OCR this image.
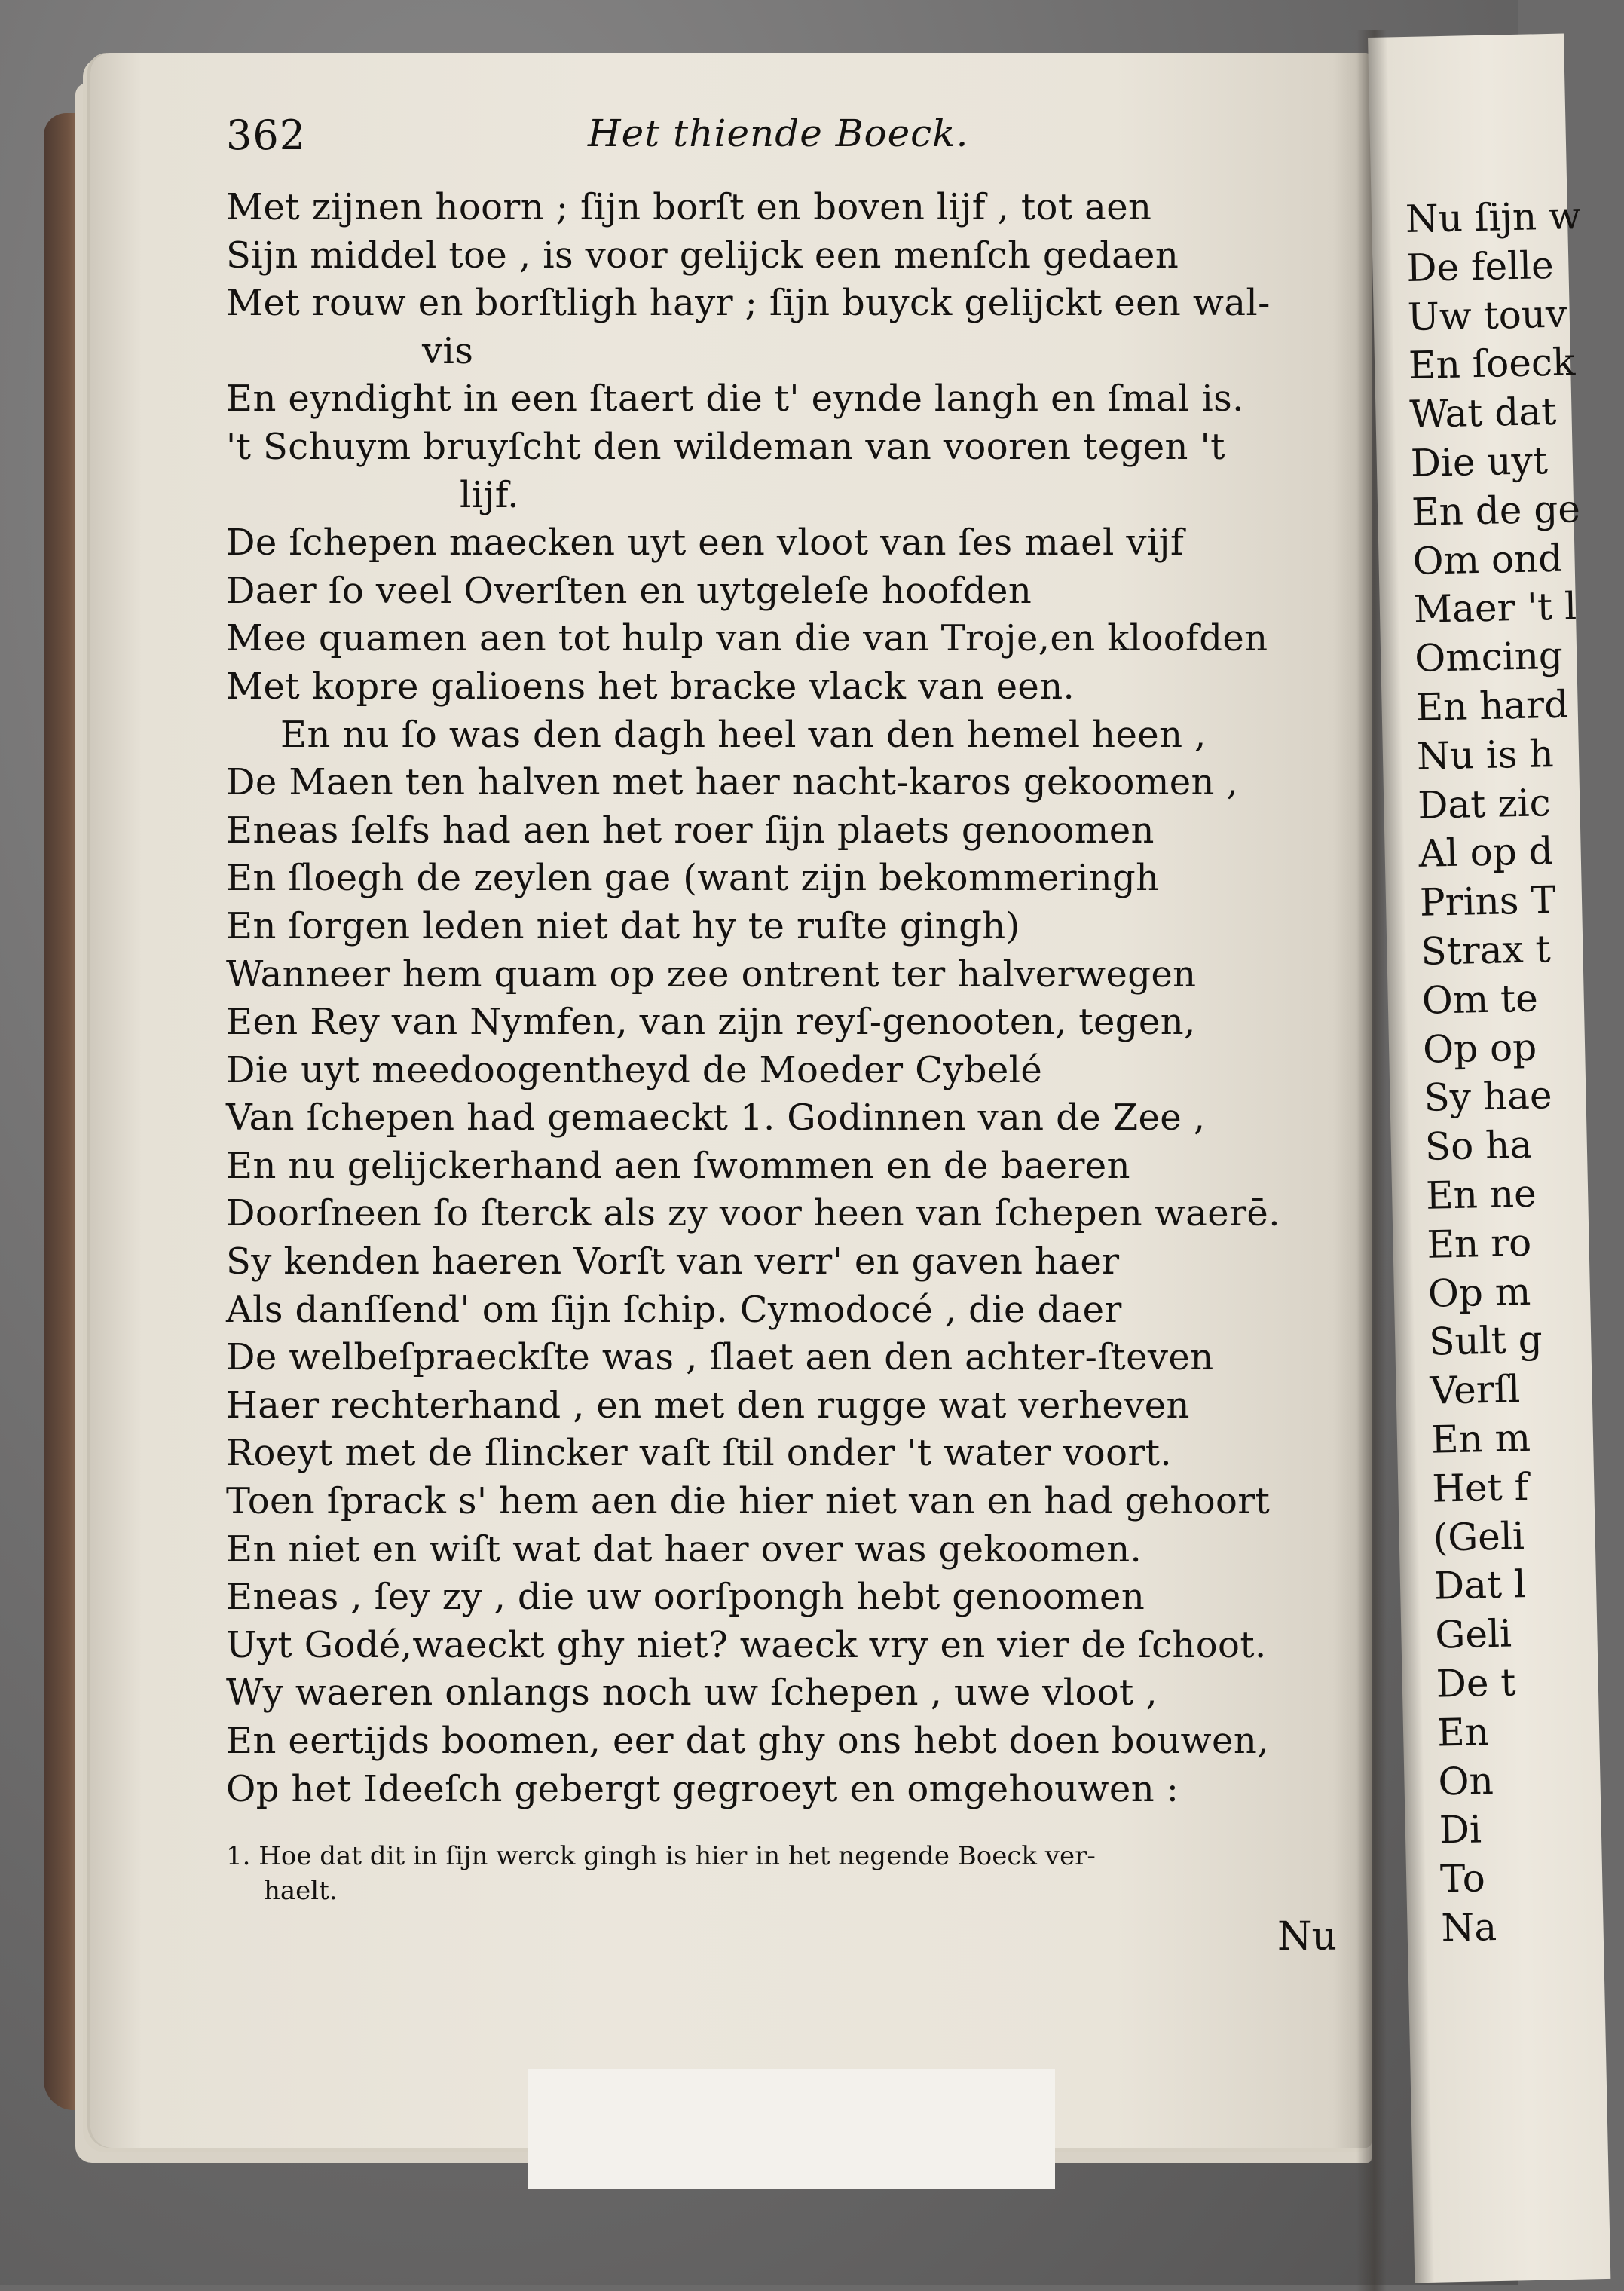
Nu ſijn w
De felle
Uw touv
En ſoeck
Wat dat
Die uyt
En de ge
Om ond
Maer 't l
Omcing
En hard
Nu is h
Dat zic
Al op d
Prins T
Strax t
Om te
Op op
Sy hae
So ha
En ne
En ro
Op m
Sult g
Verſl
En m
Het f
(Geli
Dat l
Geli
De t
En
On
Di
To
Na
362	Het thiende Boeck.
Met zijnen hoorn ; ſijn borſt en boven lijf , tot aen
Sijn middel toe , is voor gelijck een menſch gedaen
Met rouw en borſtligh hayr ; ſijn buyck gelijckt een wal-
vis
En eyndight in een ſtaert die t' eynde langh en ſmal is.
't Schuym bruyſcht den wildeman van vooren tegen 't
lijf.
De ſchepen maecken uyt een vloot van ſes mael vijf
Daer ſo veel Overſten en uytgeleſe hoofden
Mee quamen aen tot hulp van die van Troje,en kloofden
Met kopre galioens het bracke vlack van een.
En nu ſo was den dagh heel van den hemel heen ,
De Maen ten halven met haer nacht-karos gekoomen ,
Eneas ſelfs had aen het roer ſijn plaets genoomen
En ſloegh de zeylen gae (want zijn bekommeringh
En ſorgen leden niet dat hy te ruſte gingh)
Wanneer hem quam op zee ontrent ter halverwegen
Een Rey van Nymfen, van zijn reyſ-genooten, tegen,
Die uyt meedoogentheyd de Moeder Cybelé
Van ſchepen had gemaeckt 1. Godinnen van de Zee ,
En nu gelijckerhand aen ſwommen en de baeren
Doorſneen ſo ſterck als zy voor heen van ſchepen waerē.
Sy kenden haeren Vorſt van verr' en gaven haer
Als danſſend' om ſijn ſchip. Cymodocé , die daer
De welbeſpraeckſte was , ſlaet aen den achter-ſteven
Haer rechterhand , en met den rugge wat verheven
Roeyt met de ſlincker vaſt ſtil onder 't water voort.
Toen ſprack s' hem aen die hier niet van en had gehoort
En niet en wiſt wat dat haer over was gekoomen.
Eneas , ſey zy , die uw oorſpongh hebt genoomen
Uyt Godé,waeckt ghy niet? waeck vry en vier de ſchoot.
Wy waeren onlangs noch uw ſchepen , uwe vloot ,
En eertijds boomen, eer dat ghy ons hebt doen bouwen,
Op het Ideeſch gebergt gegroeyt en omgehouwen :
1. Hoe dat dit in ſijn werck gingh is hier in het negende Boeck ver-
haelt.
Nu
